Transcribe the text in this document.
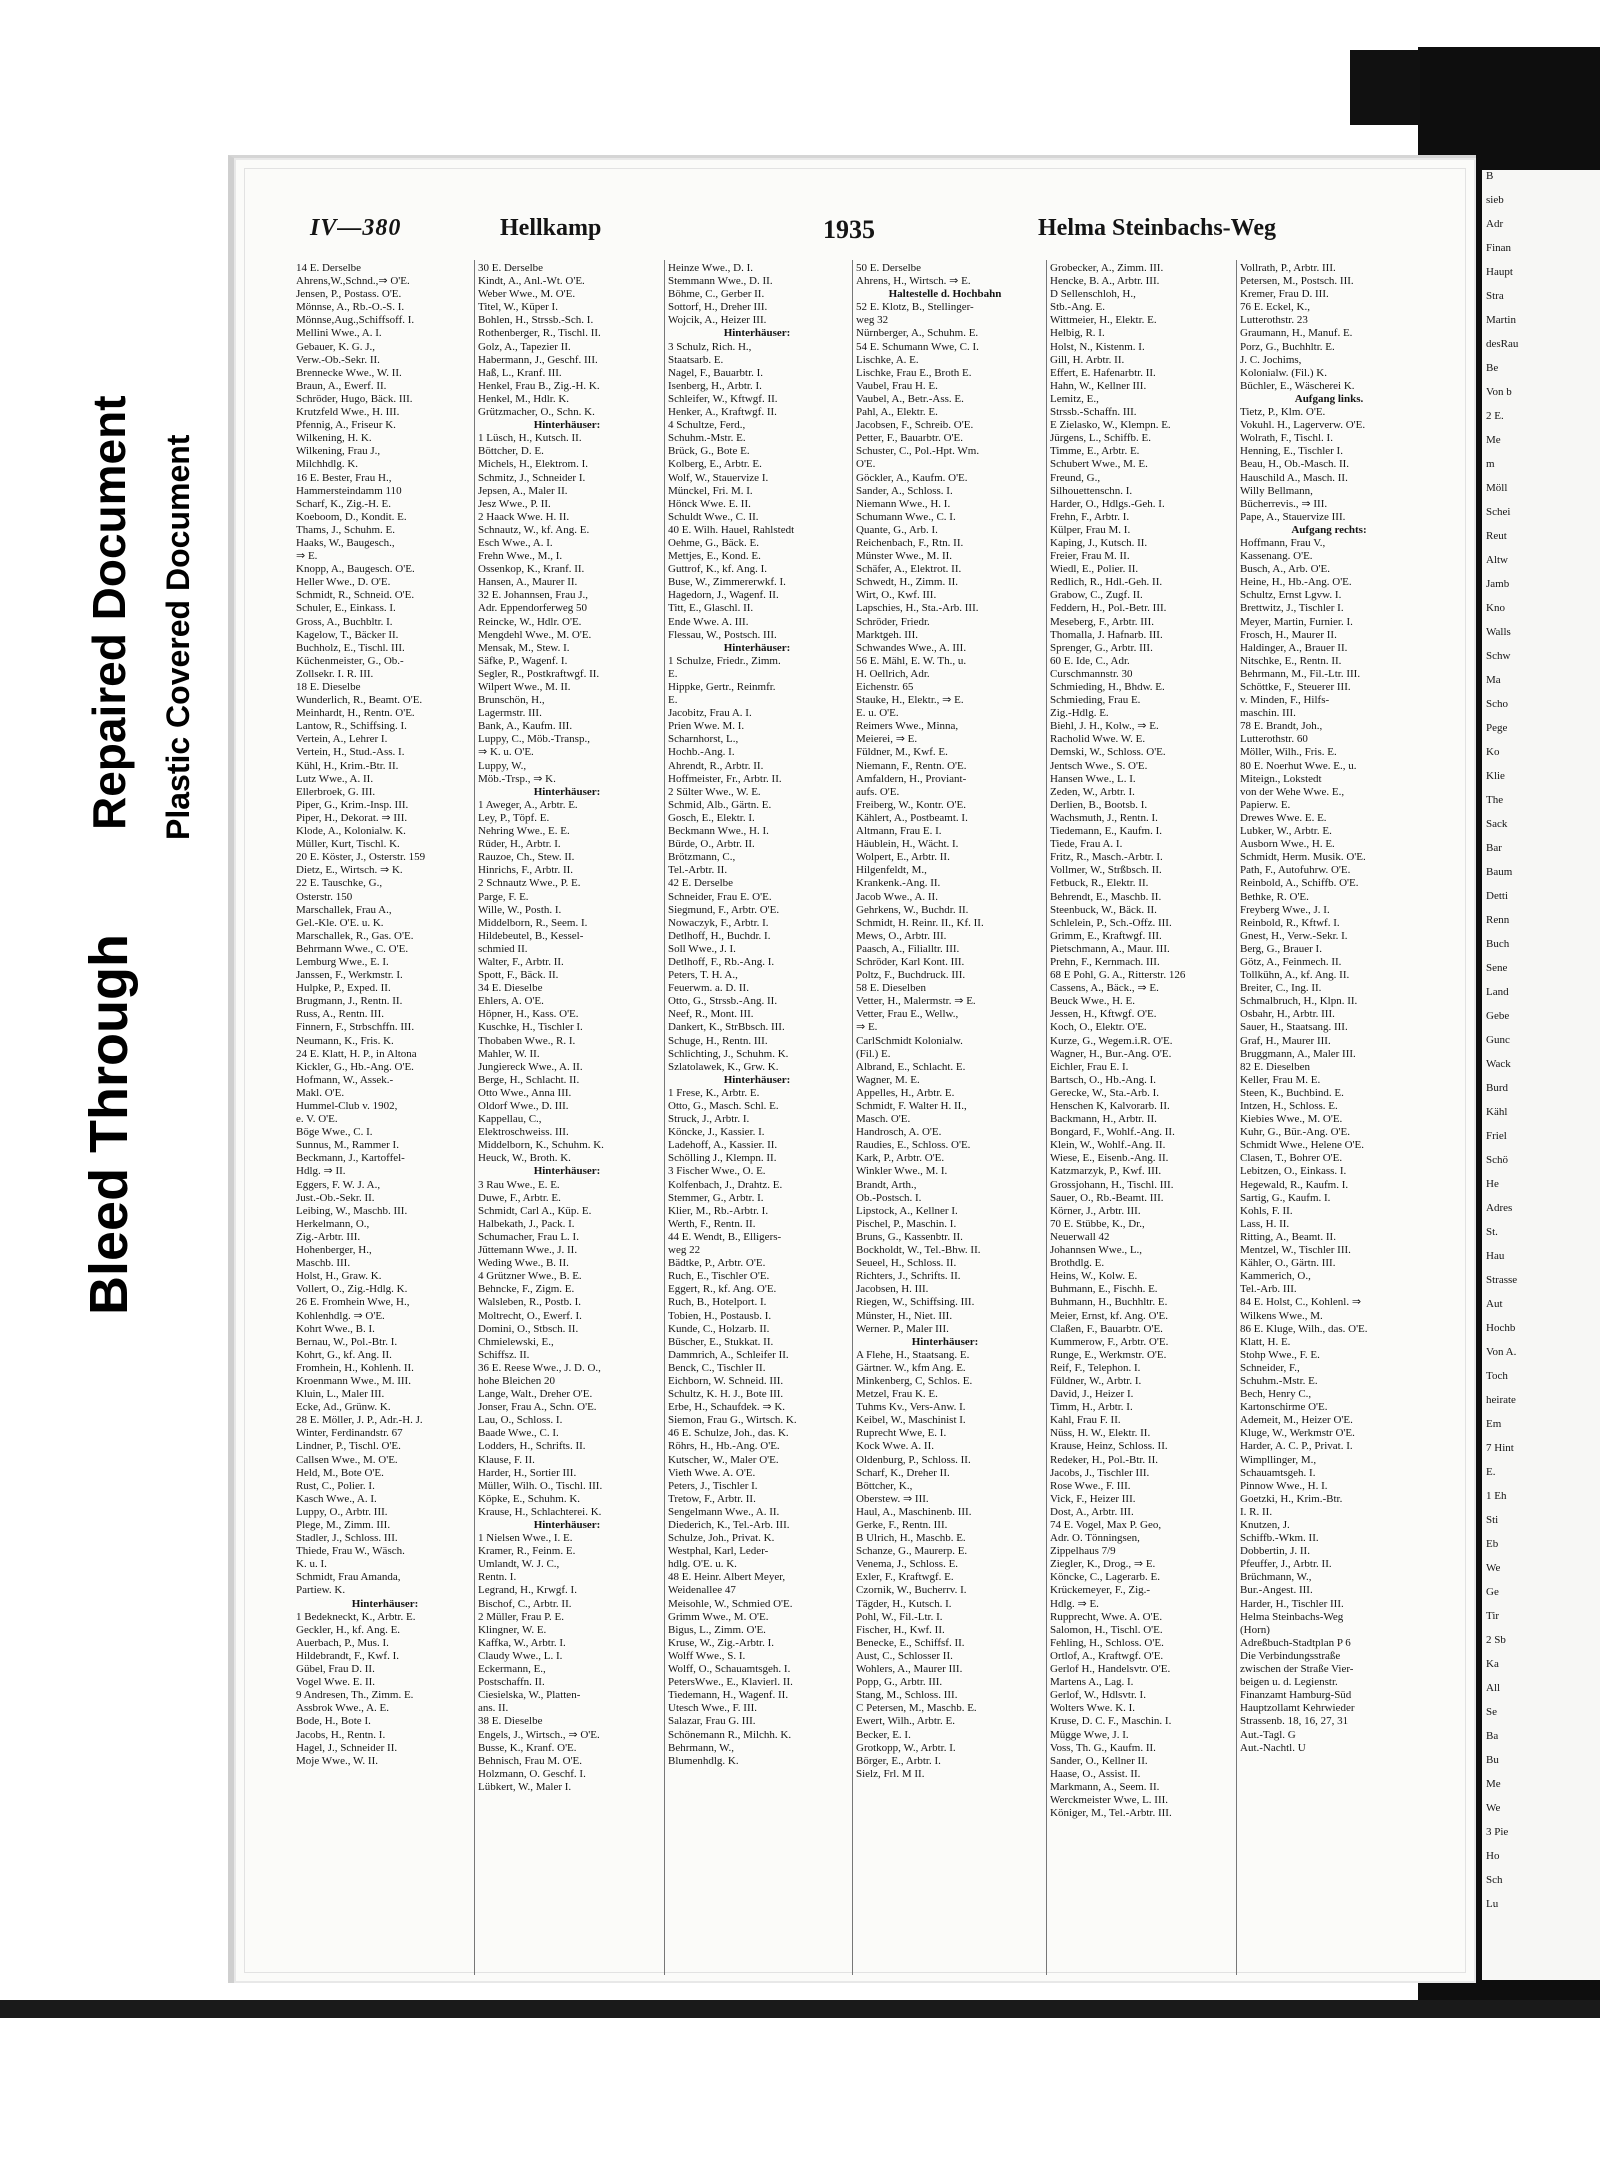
Bleed Through
Repaired Document Plastic Covered Document
IV—380	Hellkamp	1935	Helma Steinbachs-Weg
14 E. Derselbe
Ahrens,W.,Schnd.,⇒ O'E.
Jensen, P., Postass. O'E.
Mönnse, A., Rb.-O.-S. I.
Mönnse,Aug.,Schiffsoff. I.
Mellini Wwe., A. I.
Gebauer, K. G. J.,
Verw.-Ob.-Sekr. II.
Brennecke Wwe., W. II.
Braun, A., Ewerf. II.
Schröder, Hugo, Bäck. III.
Krutzfeld Wwe., H. III.
Pfennig, A., Friseur K.
Wilkening, H. K.
Wilkening, Frau J.,
Milchhdlg. K.
16 E. Bester, Frau H.,
Hammersteindamm 110
Scharf, K., Zig.-H. E.
Koeboom, D., Kondit. E.
Thams, J., Schuhm. E.
Haaks, W., Baugesch.,
⇒ E.
Knopp, A., Baugesch. O'E.
Heller Wwe., D. O'E.
Schmidt, R., Schneid. O'E.
Schuler, E., Einkass. I.
Gross, A., Buchbltr. I.
Kagelow, T., Bäcker II.
Buchholz, E., Tischl. III.
Küchenmeister, G., Ob.-
Zollsekr. I. R. III.
18 E. Dieselbe
Wunderlich, R., Beamt. O'E.
Meinhardt, H., Rentn. O'E.
Lantow, R., Schiffsing. I.
Vertein, A., Lehrer I.
Vertein, H., Stud.-Ass. I.
Kühl, H., Krim.-Btr. II.
Lutz Wwe., A. II.
Ellerbroek, G. III.
Piper, G., Krim.-Insp. III.
Piper, H., Dekorat. ⇒ III.
Klode, A., Kolonialw. K.
Müller, Kurt, Tischl. K.
20 E. Köster, J., Osterstr. 159
Dietz, E., Wirtsch. ⇒ K.
22 E. Tauschke, G.,
Osterstr. 150
Marschallek, Frau A.,
Gel.-Kle. O'E. u. K.
Marschallek, R., Gas. O'E.
Behrmann Wwe., C. O'E.
Lemburg Wwe., E. I.
Janssen, F., Werkmstr. I.
Hulpke, P., Exped. II.
Brugmann, J., Rentn. II.
Russ, A., Rentn. III.
Finnern, F., Strbschffn. III.
Neumann, K., Fris. K.
24 E. Klatt, H. P., in Altona
Kickler, G., Hb.-Ang. O'E.
Hofmann, W., Assek.-
Makl. O'E.
Hummel-Club v. 1902,
e. V. O'E.
Böge Wwe., C. I.
Sunnus, M., Rammer I.
Beckmann, J., Kartoffel-
Hdlg. ⇒ II.
Eggers, F. W. J. A.,
Just.-Ob.-Sekr. II.
Leibing, W., Maschb. III.
Herkelmann, O.,
Zig.-Arbtr. III.
Hohenberger, H.,
Maschb. III.
Holst, H., Graw. K.
Vollert, O., Zig.-Hdlg. K.
26 E. Fromhein Wwe, H.,
Kohlenhdlg. ⇒ O'E.
Kohrt Wwe., B. I.
Bernau, W., Pol.-Btr. I.
Kohrt, G., kf. Ang. II.
Fromhein, H., Kohlenh. II.
Kroenmann Wwe., M. III.
Kluin, L., Maler III.
Ecke, Ad., Grünw. K.
28 E. Möller, J. P., Adr.-H. J.
Winter, Ferdinandstr. 67
Lindner, P., Tischl. O'E.
Callsen Wwe., M. O'E.
Held, M., Bote O'E.
Rust, C., Polier. I.
Kasch Wwe., A. I.
Luppy, O., Arbtr. III.
Plege, M., Zimm. III.
Stadler, J., Schloss. III.
Thiede, Frau W., Wäsch.
K. u. I.
Schmidt, Frau Amanda,
Partiew. K.
Hinterhäuser:
1 Bedekneckt, K., Arbtr. E.
Geckler, H., kf. Ang. E.
Auerbach, P., Mus. I.
Hildebrandt, F., Kwf. I.
Gübel, Frau D. II.
Vogel Wwe. E. II.
9 Andresen, Th., Zimm. E.
Assbrok Wwe., A. E.
Bode, H., Bote I.
Jacobs, H., Rentn. I.
Hagel, J., Schneider II.
Moje Wwe., W. II.
30 E. Derselbe
Kindt, A., Anl.-Wt. O'E.
Weber Wwe., M. O'E.
Titel, W., Küper I.
Bohlen, H., Strssb.-Sch. I.
Rothenberger, R., Tischl. II.
Golz, A., Tapezier II.
Habermann, J., Geschf. III.
Haß, L., Kranf. III.
Henkel, Frau B., Zig.-H. K.
Henkel, M., Hdlr. K.
Grützmacher, O., Schn. K.
Hinterhäuser:
1 Lüsch, H., Kutsch. II.
Böttcher, D. E.
Michels, H., Elektrom. I.
Schmitz, J., Schneider I.
Jepsen, A., Maler II.
Jesz Wwe., P. II.
2 Haack Wwe. H. II.
Schnautz, W., kf. Ang. E.
Esch Wwe., A. I.
Frehn Wwe., M., I.
Ossenkop, K., Kranf. II.
Hansen, A., Maurer II.
32 E. Johannsen, Frau J.,
Adr. Eppendorferweg 50
Reincke, W., Hdlr. O'E.
Mengdehl Wwe., M. O'E.
Mensak, M., Stew. I.
Säfke, P., Wagenf. I.
Segler, R., Postkraftwgf. II.
Wilpert Wwe., M. II.
Brunschön, H.,
Lagermstr. III.
Bank, A., Kaufm. III.
Luppy, C., Möb.-Transp.,
⇒ K. u. O'E.
Luppy, W.,
Möb.-Trsp., ⇒ K.
Hinterhäuser:
1 Aweger, A., Arbtr. E.
Ley, P., Töpf. E.
Nehring Wwe., E. E.
Rüder, H., Arbtr. I.
Rauzoe, Ch., Stew. II.
Hinrichs, F., Arbtr. II.
2 Schnautz Wwe., P. E.
Parge, F. E.
Wille, W., Posth. I.
Middelborn, R., Seem. I.
Hildebeutel, B., Kessel-
schmied II.
Walter, F., Arbtr. II.
Spott, F., Bäck. II.
34 E. Dieselbe
Ehlers, A. O'E.
Höpner, H., Kass. O'E.
Kuschke, H., Tischler I.
Thobaben Wwe., R. I.
Mahler, W. II.
Jungiereck Wwe., A. II.
Berge, H., Schlacht. II.
Otto Wwe., Anna III.
Oldorf Wwe., D. III.
Kappellau, C.,
Elektroschweiss. III.
Middelborn, K., Schuhm. K.
Heuck, W., Broth. K.
Hinterhäuser:
3 Rau Wwe., E. E.
Duwe, F., Arbtr. E.
Schmidt, Carl A., Küp. E.
Halbekath, J., Pack. I.
Schumacher, Frau L. I.
Jüttemann Wwe., J. II.
Weding Wwe., B. II.
4 Grützner Wwe., B. E.
Behncke, F., Zigm. E.
Walsleben, R., Postb. I.
Moltrecht, O., Ewerf. I.
Domini, O., Stbsch. II.
Chmielewski, E.,
Schiffsz. II.
36 E. Reese Wwe., J. D. O.,
hohe Bleichen 20
Lange, Walt., Dreher O'E.
Jonser, Frau A., Schn. O'E.
Lau, O., Schloss. I.
Baade Wwe., C. I.
Lodders, H., Schrifts. II.
Klause, F. II.
Harder, H., Sortier III.
Müller, Wilh. O., Tischl. III.
Köpke, E., Schuhm. K.
Krause, H., Schlachterei. K.
Hinterhäuser:
1 Nielsen Wwe., I. E.
Kramer, R., Feinm. E.
Umlandt, W. J. C.,
Rentn. I.
Legrand, H., Krwgf. I.
Bischof, C., Arbtr. II.
2 Müller, Frau P. E.
Klingner, W. E.
Kaffka, W., Arbtr. I.
Claudy Wwe., L. I.
Eckermann, E.,
Postschaffn. II.
Ciesielska, W., Platten-
ans. II.
38 E. Dieselbe
Engels, J., Wirtsch., ⇒ O'E.
Busse, K., Kranf. O'E.
Behnisch, Frau M. O'E.
Holzmann, O. Geschf. I.
Lübkert, W., Maler I.
Heinze Wwe., D. I.
Stemmann Wwe., D. II.
Böhme, C., Gerber II.
Sottorf, H., Dreher III.
Wojcik, A., Heizer III.
Hinterhäuser:
3 Schulz, Rich. H.,
Staatsarb. E.
Nagel, F., Bauarbtr. I.
Isenberg, H., Arbtr. I.
Schleifer, W., Kftwgf. II.
Henker, A., Kraftwgf. II.
4 Schultze, Ferd.,
Schuhm.-Mstr. E.
Brück, G., Bote E.
Kolberg, E., Arbtr. E.
Wolf, W., Stauervize I.
Münckel, Fri. M. I.
Hönck Wwe. E. II.
Schuldt Wwe., C. II.
40 E. Wilh. Hauel, Rahlstedt
Oehme, G., Bäck. E.
Mettjes, E., Kond. E.
Guttrof, K., kf. Ang. I.
Buse, W., Zimmererwkf. I.
Hagedorn, J., Wagenf. II.
Titt, E., Glaschl. II.
Ende Wwe. A. III.
Flessau, W., Postsch. III.
Hinterhäuser:
1 Schulze, Friedr., Zimm.
E.
Hippke, Gertr., Reinmfr.
E.
Jacobitz, Frau A. I.
Prien Wwe. M. I.
Scharnhorst, L.,
Hochb.-Ang. I.
Ahrendt, R., Arbtr. II.
Hoffmeister, Fr., Arbtr. II.
2 Sülter Wwe., W. E.
Schmid, Alb., Gärtn. E.
Gosch, E., Elektr. I.
Beckmann Wwe., H. I.
Bürde, O., Arbtr. II.
Brötzmann, C.,
Tel.-Arbtr. II.
42 E. Derselbe
Schneider, Frau E. O'E.
Siegmund, F., Arbtr. O'E.
Nowaczyk, F., Arbtr. I.
Detlhoff, H., Buchdr. I.
Soll Wwe., J. I.
Detlhoff, F., Rb.-Ang. I.
Peters, T. H. A.,
Feuerwm. a. D. II.
Otto, G., Strssb.-Ang. II.
Neef, R., Mont. III.
Dankert, K., StrBbsch. III.
Schuge, H., Rentn. III.
Schlichting, J., Schuhm. K.
Szlatolawek, K., Grw. K.
Hinterhäuser:
1 Frese, K., Arbtr. E.
Otto, G., Masch. Schl. E.
Struck, J., Arbtr. I.
Köncke, J., Kassier. I.
Ladehoff, A., Kassier. II.
Schölling J., Klempn. II.
3 Fischer Wwe., O. E.
Kolfenbach, J., Drahtz. E.
Stemmer, G., Arbtr. I.
Klier, M., Rb.-Arbtr. I.
Werth, F., Rentn. II.
44 E. Wendt, B., Elligers-
weg 22
Bädtke, P., Arbtr. O'E.
Ruch, E., Tischler O'E.
Eggert, R., kf. Ang. O'E.
Ruch, B., Hotelport. I.
Tobien, H., Postausb. I.
Kunde, C., Holzarb. II.
Büscher, E., Stukkat. II.
Dammrich, A., Schleifer II.
Benck, C., Tischler II.
Eichborn, W. Schneid. III.
Schultz, K. H. J., Bote III.
Erbe, H., Schaufdek. ⇒ K.
Siemon, Frau G., Wirtsch. K.
46 E. Schulze, Joh., das. K.
Röhrs, H., Hb.-Ang. O'E.
Kutscher, W., Maler O'E.
Vieth Wwe. A. O'E.
Peters, J., Tischler I.
Tretow, F., Arbtr. II.
Sengelmann Wwe., A. II.
Diederich, K., Tel.-Arb. III.
Schulze, Joh., Privat. K.
Westphal, Karl, Leder-
hdlg. O'E. u. K.
48 E. Heinr. Albert Meyer,
Weidenallee 47
Meisohle, W., Schmied O'E.
Grimm Wwe., M. O'E.
Bigus, L., Zimm. O'E.
Kruse, W., Zig.-Arbtr. I.
Wolff Wwe., S. I.
Wolff, O., Schauamtsgeh. I.
PetersWwe., E., Klavierl. II.
Tiedemann, H., Wagenf. II.
Utesch Wwe., F. III.
Salazar, Frau G. III.
Schönemann R., Milchh. K.
Behrmann, W.,
Blumenhdlg. K.
50 E. Derselbe
Ahrens, H., Wirtsch. ⇒ E.
Haltestelle d. Hochbahn
52 E. Klotz, B., Stellinger-
weg 32
Nürnberger, A., Schuhm. E.
54 E. Schumann Wwe, C. I.
Lischke, A. E.
Lischke, Frau E., Broth E.
Vaubel, Frau H. E.
Vaubel, A., Betr.-Ass. E.
Pahl, A., Elektr. E.
Jacobsen, F., Schreib. O'E.
Petter, F., Bauarbtr. O'E.
Schuster, C., Pol.-Hpt. Wm.
O'E.
Göckler, A., Kaufm. O'E.
Sander, A., Schloss. I.
Niemann Wwe., H. I.
Schumann Wwe., C. I.
Quante, G., Arb. I.
Reichenbach, F., Rtn. II.
Münster Wwe., M. II.
Schäfer, A., Elektrot. II.
Schwedt, H., Zimm. II.
Wirt, O., Kwf. III.
Lapschies, H., Sta.-Arb. III.
Schröder, Friedr.
Marktgeh. III.
Schwandes Wwe., A. III.
56 E. Mähl, E. W. Th., u.
H. Oellrich, Adr.
Eichenstr. 65
Stauke, H., Elektr., ⇒ E.
E. u. O'E.
Reimers Wwe., Minna,
Meierei, ⇒ E.
Füldner, M., Kwf. E.
Niemann, F., Rentn. O'E.
Amfaldern, H., Proviant-
aufs. O'E.
Freiberg, W., Kontr. O'E.
Kählert, A., Postbeamt. I.
Altmann, Frau E. I.
Häublein, H., Wächt. I.
Wolpert, E., Arbtr. II.
Hilgenfeldt, M.,
Krankenk.-Ang. II.
Jacob Wwe., A. II.
Gehrkens, W., Buchdr. II.
Schmidt, H. Reinr. II., Kf. II.
Mews, O., Arbtr. III.
Paasch, A., Filialltr. III.
Schröder, Karl Kont. III.
Poltz, F., Buchdruck. III.
58 E. Dieselben
Vetter, H., Malermstr. ⇒ E.
Vetter, Frau E., Wellw.,
⇒ E.
CarlSchmidt Kolonialw.
(Fil.) E.
Albrand, E., Schlacht. E.
Wagner, M. E.
Appelles, H., Arbtr. E.
Schmidt, F. Walter H. II.,
Masch. O'E.
Handrosch, A. O'E.
Raudies, E., Schloss. O'E.
Kark, P., Arbtr. O'E.
Winkler Wwe., M. I.
Brandt, Arth.,
Ob.-Postsch. I.
Lipstock, A., Kellner I.
Pischel, P., Maschin. I.
Bruns, G., Kassenbtr. II.
Bockholdt, W., Tel.-Bhw. II.
Seueel, H., Schloss. II.
Richters, J., Schrifts. II.
Jacobsen, H. III.
Riegen, W., Schiffsing. III.
Münster, H., Niet. III.
Werner. P., Maler III.
Hinterhäuser:
A Flehe, H., Staatsang. E.
Gärtner. W., kfm Ang. E.
Minkenberg, C, Schlos. E.
Metzel, Frau K. E.
Tuhms Kv., Vers-Anw. I.
Keibel, W., Maschinist I.
Ruprecht Wwe, E. I.
Kock Wwe. A. II.
Oldenburg, P., Schloss. II.
Scharf, K., Dreher II.
Böttcher, K.,
Oberstew. ⇒ III.
Haul, A., Maschinenb. III.
Gerke, F., Rentn. III.
B Ulrich, H., Maschb. E.
Schanze, G., Maurerp. E.
Venema, J., Schloss. E.
Exler, F., Kraftwgf. E.
Czornik, W., Bucherrv. I.
Tägder, H., Kutsch. I.
Pohl, W., Fil.-Ltr. I.
Fischer, H., Kwf. II.
Benecke, E., Schiffsf. II.
Aust, C., Schlosser II.
Wohlers, A., Maurer III.
Popp, G., Arbtr. III.
Stang, M., Schloss. III.
C Petersen, M., Maschb. E.
Ewert, Wilh., Arbtr. E.
Becker, E. I.
Grotkopp, W., Arbtr. I.
Börger, E., Arbtr. I.
Sielz, Frl. M II.
Grobecker, A., Zimm. III.
Hencke, B. A., Arbtr. III.
D Sellenschloh, H.,
Stb.-Ang. E.
Wittmeier, H., Elektr. E.
Helbig, R. I.
Holst, N., Kistenm. I.
Gill, H. Arbtr. II.
Effert, E. Hafenarbtr. II.
Hahn, W., Kellner III.
Lemitz, E.,
Strssb.-Schaffn. III.
E Zielasko, W., Klempn. E.
Jürgens, L., Schiffb. E.
Timme, E., Arbtr. E.
Schubert Wwe., M. E.
Freund, G.,
Silhouettenschn. I.
Harder, O., Hdlgs.-Geh. I.
Frehn, F., Arbtr. I.
Külper, Frau M. I.
Kaping, J., Kutsch. II.
Freier, Frau M. II.
Wiedl, E., Polier. II.
Redlich, R., Hdl.-Geh. II.
Grabow, C., Zugf. II.
Feddern, H., Pol.-Betr. III.
Meseberg, F., Arbtr. III.
Thomalla, J. Hafnarb. III.
Sprenger, G., Arbtr. III.
60 E. Ide, C., Adr.
Curschmannstr. 30
Schmieding, H., Bhdw. E.
Schmieding, Frau E.
Zig.-Hdlg. E.
Biehl, J. H., Kolw., ⇒ E.
Racholid Wwe. W. E.
Demski, W., Schloss. O'E.
Jentsch Wwe., S. O'E.
Hansen Wwe., L. I.
Zeden, W., Arbtr. I.
Derlien, B., Bootsb. I.
Wachsmuth, J., Rentn. I.
Tiedemann, E., Kaufm. I.
Tiede, Frau A. I.
Fritz, R., Masch.-Arbtr. I.
Vollmer, W., Strßbsch. II.
Fetbuck, R., Elektr. II.
Behrendt, E., Maschb. II.
Steenbuck, W., Bäck. II.
Schlelein, P., Sch.-Offz. III.
Grimm, E., Kraftwgf. III.
Pietschmann, A., Maur. III.
Prehn, F., Kernmach. III.
68 E Pohl, G. A., Ritterstr. 126
Cassens, A., Bäck., ⇒ E.
Beuck Wwe., H. E.
Jessen, H., Kftwgf. O'E.
Koch, O., Elektr. O'E.
Kurze, G., Wegem.i.R. O'E.
Wagner, H., Bur.-Ang. O'E.
Eichler, Frau E. I.
Bartsch, O., Hb.-Ang. I.
Gerecke, W., Sta.-Arb. I.
Henschen K, Kalvorarb. II.
Backmann, H., Arbtr. II.
Bongard, F., Wohlf.-Ang. II.
Klein, W., Wohlf.-Ang. II.
Wiese, E., Eisenb.-Ang. II.
Katzmarzyk, P., Kwf. III.
Grossjohann, H., Tischl. III.
Sauer, O., Rb.-Beamt. III.
Körner, J., Arbtr. III.
70 E. Stübbe, K., Dr.,
Neuerwall 42
Johannsen Wwe., L.,
Brothdlg. E.
Heins, W., Kolw. E.
Buhmann, E., Fischh. E.
Buhmann, H., Buchhltr. E.
Meier, Ernst, kf. Ang. O'E.
Claßen, F., Bauarbtr. O'E.
Kummerow, F., Arbtr. O'E.
Runge, E., Werkmstr. O'E.
Reif, F., Telephon. I.
Füldner, W., Arbtr. I.
David, J., Heizer I.
Timm, H., Arbtr. I.
Kahl, Frau F. II.
Nüss, H. W., Elektr. II.
Krause, Heinz, Schloss. II.
Redeker, H., Pol.-Btr. II.
Jacobs, J., Tischler III.
Rose Wwe., F. III.
Vick, F., Heizer III.
Dost, A., Arbtr. III.
74 E. Vogel, Max P. Geo,
Adr. O. Tönningsen,
Zippelhaus 7/9
Ziegler, K., Drog., ⇒ E.
Köncke, C., Lagerarb. E.
Krückemeyer, F., Zig.-
Hdlg. ⇒ E.
Rupprecht, Wwe. A. O'E.
Salomon, H., Tischl. O'E.
Fehling, H., Schloss. O'E.
Ortlof, A., Kraftwgf. O'E.
Gerlof H., Handelsvtr. O'E.
Martens A., Lag. I.
Gerlof, W., Hdlsvtr. I.
Wolters Wwe. K. I.
Kruse, D. C. F., Maschin. I.
Mügge Wwe, J. I.
Voss, Th. G., Kaufm. II.
Sander, O., Kellner II.
Haase, O., Assist. II.
Markmann, A., Seem. II.
Werckmeister Wwe, L. III.
Königer, M., Tel.-Arbtr. III.
Vollrath, P., Arbtr. III.
Petersen, M., Postsch. III.
Kremer, Frau D. III.
76 E. Eckel, K.,
Lutterothstr. 23
Graumann, H., Manuf. E.
Porz, G., Buchhltr. E.
J. C. Jochims,
Kolonialw. (Fil.) K.
Büchler, E., Wäscherei K.
Aufgang links.
Tietz, P., Klm. O'E.
Vokuhl. H., Lagerverw. O'E.
Wolrath, F., Tischl. I.
Henning, E., Tischler I.
Beau, H., Ob.-Masch. II.
Hauschild A., Masch. II.
Willy Bellmann,
Bücherrevis., ⇒ III.
Pape, A., Stauervize III.
Aufgang rechts:
Hoffmann, Frau V.,
Kassenang. O'E.
Busch, A., Arb. O'E.
Heine, H., Hb.-Ang. O'E.
Schultz, Ernst Lgvw. I.
Brettwitz, J., Tischler I.
Meyer, Martin, Furnier. I.
Frosch, H., Maurer II.
Haldinger, A., Brauer II.
Nitschke, E., Rentn. II.
Behrmann, M., Fil.-Ltr. III.
Schöttke, F., Steuerer III.
v. Minden, F., Hilfs-
maschin. III.
78 E. Brandt, Joh.,
Lutterothstr. 60
Möller, Wilh., Fris. E.
80 E. Noerhut Wwe. E., u.
Miteign., Lokstedt
von der Wehe Wwe. E.,
Papierw. E.
Drewes Wwe. E. E.
Lubker, W., Arbtr. E.
Ausborn Wwe., H. E.
Schmidt, Herm. Musik. O'E.
Path, F., Autofuhrw. O'E.
Reinbold, A., Schiffb. O'E.
Bethke, R. O'E.
Freyberg Wwe., J. I.
Reinbold, R., Kftwf. I.
Gnest, H., Verw.-Sekr. I.
Berg, G., Brauer I.
Götz, A., Feinmech. II.
Tollkühn, A., kf. Ang. II.
Breiter, C., Ing. II.
Schmalbruch, H., Klpn. II.
Osbahr, H., Arbtr. III.
Sauer, H., Staatsang. III.
Graf, H., Maurer III.
Bruggmann, A., Maler III.
82 E. Dieselben
Keller, Frau M. E.
Steen, K., Buchbind. E.
Intzen, H., Schloss. E.
Kiebies Wwe., M. O'E.
Kuhr, G., Bür.-Ang. O'E.
Schmidt Wwe., Helene O'E.
Clasen, T., Bohrer O'E.
Lebitzen, O., Einkass. I.
Hegewald, R., Kaufm. I.
Sartig, G., Kaufm. I.
Kohls, F. II.
Lass, H. II.
Ritting, A., Beamt. II.
Mentzel, W., Tischler III.
Kähler, O., Gärtn. III.
Kammerich, O.,
Tel.-Arb. III.
84 E. Holst, C., Kohlenl. ⇒
Wilkens Wwe., M.
86 E. Kluge, Wilh., das. O'E.
Klatt, H. E.
Stohp Wwe., F. E.
Schneider, F.,
Schuhm.-Mstr. E.
Bech, Henry C.,
Kartonschirme O'E.
Ademeit, M., Heizer O'E.
Kluge, W., Werkmstr O'E.
Harder, A. C. P., Privat. I.
Wimpllinger, M.,
Schauamtsgeh. I.
Pinnow Wwe., H. I.
Goetzki, H., Krim.-Btr.
I. R. II.
Knutzen, J.
Schiffb.-Wkm. II.
Dobbertin, J. II.
Pfeuffer, J., Arbtr. II.
Brüchmann, W.,
Bur.-Angest. III.
Harder, H., Tischler III.
Helma Steinbachs-Weg
(Horn)
Adreßbuch-Stadtplan P 6
Die Verbindungsstraße
zwischen der Straße Vier-
beigen u. d. Legienstr.
Finanzamt Hamburg-Süd
Hauptzollamt Kehrwieder
Strassenb. 18, 16, 27, 31
Aut.-Tagl. G
Aut.-Nachtl. U
B
sieb
Adr
Finan
Haupt
Stra
Martin
desRau
Be
Von b
2 E.
Me
m
Möll
Schei
Reut
Altw
Jamb
Kno
Walls
Schw
Ma
Scho
Pege
Ko
Klie
The
Sack
Bar
Baum
Detti
Renn
Buch
Sene
Land
Gebe
Gunc
Wack
Burd
Kähl
Friel
Schö
He
Adres
St.
Hau
Strasse
Aut
Hochb
Von A.
Toch
heirate
Em
7 Hint
E.
1 Eh
Sti
Eb
We
Ge
Tir
2 Sb
Ka
All
Se
Ba
Bu
Me
We
3 Pie
Ho
Sch
Lu
